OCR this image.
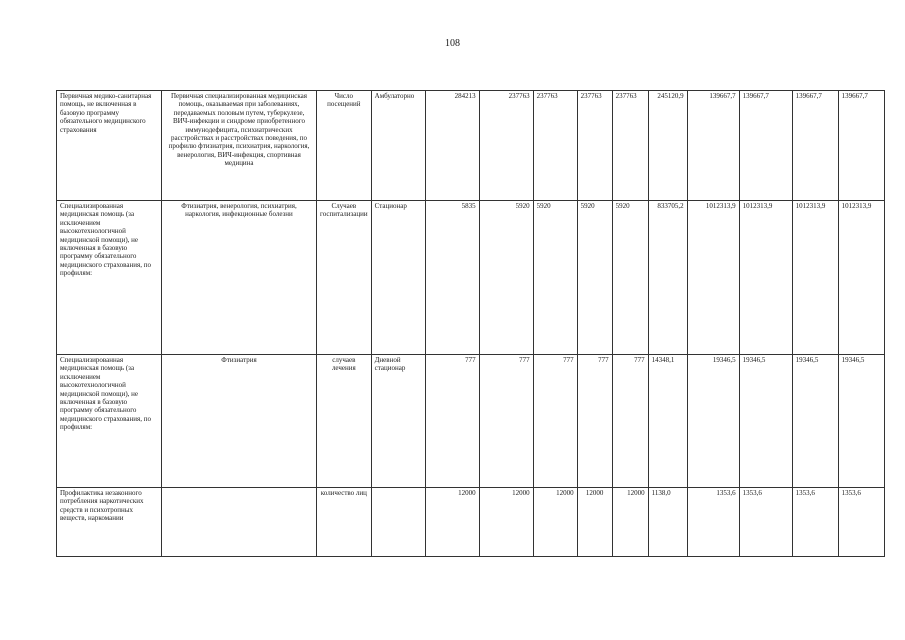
108
Первичная медико-санитарная помощь, не включенная в базовую программу обязательного медицинского страхования	Первичная специализированная медицинская помощь, оказываемая при заболеваниях, передаваемых половым путем, туберкулезе, ВИЧ-инфекции и синдроме приобретенного иммунодефицита, психиатрических расстройствах и расстройствах поведения, по профилю фтизиатрия, психиатрия, наркология, венерология, ВИЧ-инфекция, спортивная медицина	Число посещений	Амбулаторно	284213	237763	237763	237763	237763	245120,9	139667,7	139667,7	139667,7	139667,7
Специализированная медицинская помощь (за исключением высокотехнологичной медицинской помощи), не включенная в базовую программу обязательного медицинского страхования, по профилям:	Фтизиатрия, венерология, психиатрия, наркология, инфекционные болезни	Случаев госпитализации	Стационар	5835	5920	5920	5920	5920	833705,2	1012313,9	1012313,9	1012313,9	1012313,9
Специализированная медицинская помощь (за исключением высокотехнологичной медицинской помощи), не включенная в базовую программу обязательного медицинского страхования, по профилям:	Фтизиатрия	случаев лечения	Дневной стационар	777	777	777	777	777	14348,1	19346,5	19346,5	19346,5	19346,5
Профилактика незаконного потребления наркотических средств и психотропных веществ, наркомании		количество лиц		12000	12000	12000	12000	12000	1138,0	1353,6	1353,6	1353,6	1353,6
